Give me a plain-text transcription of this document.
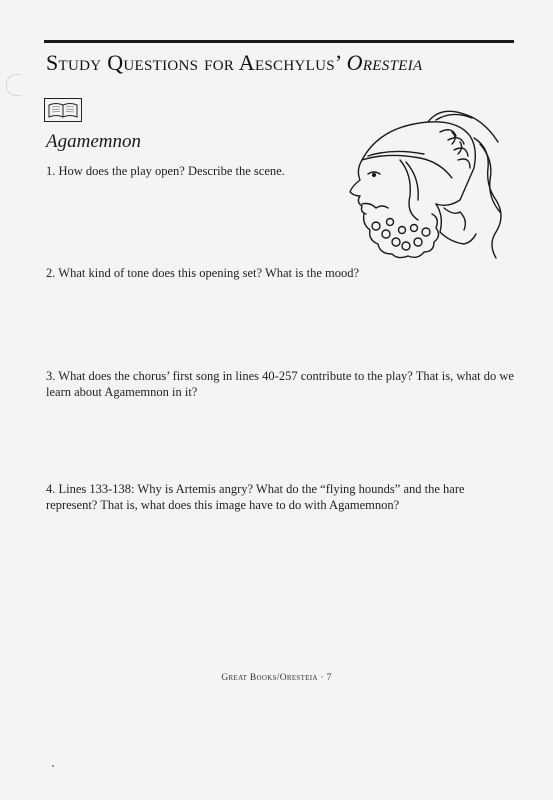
Study Questions for Aeschylus’ Oresteia
Agamemnon
1. How does the play open? Describe the scene.
2. What kind of tone does this opening set? What is the mood?
3. What does the chorus’ first song in lines 40-257 contribute to the play? That is, what do we learn about Agamemnon in it?
4. Lines 133-138: Why is Artemis angry? What do the “flying hounds” and the hare represent? That is, what does this image have to do with Agamemnon?
Great Books/Oresteia · 7
